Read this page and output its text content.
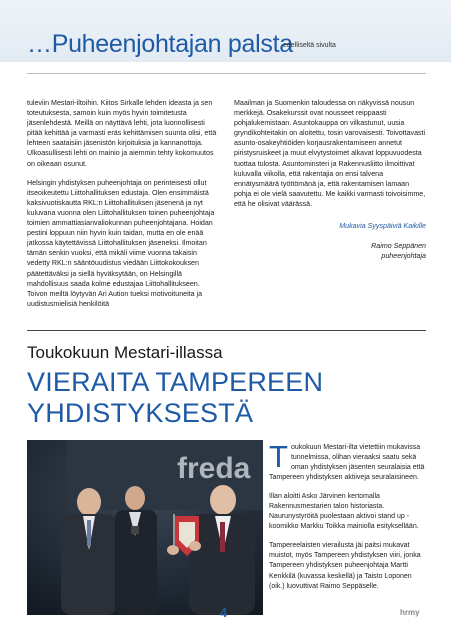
…Puheenjohtajan palsta
edelliseltä sivulta

tuleviin Mestari-iltoihin. Kiitos Sirkalle lehden ideasta ja sen toteutuksesta, samoin kuin myös hyvin toimitetusta jäsenlehdestä. Meillä on näyttävä lehti, jota luonnollisesti pitää kehittää ja varmasti eräs kehittämisen suunta olisi, että lehteen saataisiin jäsenistön kirjoituksia ja kannanottoja. Ulkoasullisesti lehti on mainio ja aiemmin tehty kokomuutos on oikeaan osunut.

Helsingin yhdistyksen puheenjohtaja on perinteisesti ollut itseoikeutettu Liittohallituksen edustaja. Olen ensimmäistä kaksivuotiskautta RKL:n Liittohallituksen jäsenenä ja nyt kuluvana vuonna olen Liittohallituksen toinen puheenjohtaja toimien ammattiasianvaliokunnan puheenjohtajana. Hoidan pestini loppuun niin hyvin kuin taidan, mutta en ole enää jatkossa käytettävissä Liittohallituksen jäseneksi. Ilmoitan tämän senkin vuoksi, että mikäli viime vuonna takaisin vedetty RKL:n sääntöuudistus viedään Liittokokouksen päätettäväksi ja siellä hyväksytään, on Helsingillä mahdollisuus saada kolme edustajaa Liittohallitukseen. Toivon meiltä löytyvän Ari Aution tueksi motivoituneita ja uudistusmielisiä henkilöitä

Maailman ja Suomenkin taloudessa on näkyvissä nousun merkkejä. Osakekurssit ovat nousseet reippaasti pohjalukemistaan. Asuntokauppa on vilkastunut, uusia gryndikohteitakin on aloitettu, tosin varovaisesti. Toivottavasti asunto-osakeyhtiöiden korjausrakentamiseen annetut piristysruiskeet ja muut elvytystoimet alkavat loppuvuodesta tuottaa tulosta. Asuntominsteri ja Rakennusliitto ilmoittivat kuluvalla viikolla, että rakentajia on ensi talvena ennätysmäärä työttömänä ja, että rakentamisen lamaan pohja ei ole vielä saavutettu. Me kaikki varmasti toivoisimme, että he olisivat väärässä.

Mukavia Syyspäiviä Kaikille
Raimo Seppänen
puheenjohtaja
Toukokuun Mestari-illassa
VIERAITA TAMPEREEN
YHDISTYKSESTÄ
freda Toukokuun Mestari-ilta vietettiin mukavissa tunnelmissa, olihan vieraaksi saatu sekä oman yhdistyksen jäsenten seuralaisia että Tampereen yhdistyksen aktiiveja seuralaisineen.

Illan aloitti Asko Järvinen kertomalla Rakennusmestarien talon historiasta. Naurunystyröitä puolestaan aktivoi stand up -koomikko Markku Toikka mainiolla esityksellään.

Tampereelaisten vierailusta jäi paitsi mukavat muistot, myös Tampereen yhdistyksen viiri, jonka Tampereen yhdistyksen puheenjohtaja Martti Kenkkilä (kuvassa keskellä) ja Taisto Loponen (oik.) luovuttivat Raimo Seppäselle.

4	hrmy
